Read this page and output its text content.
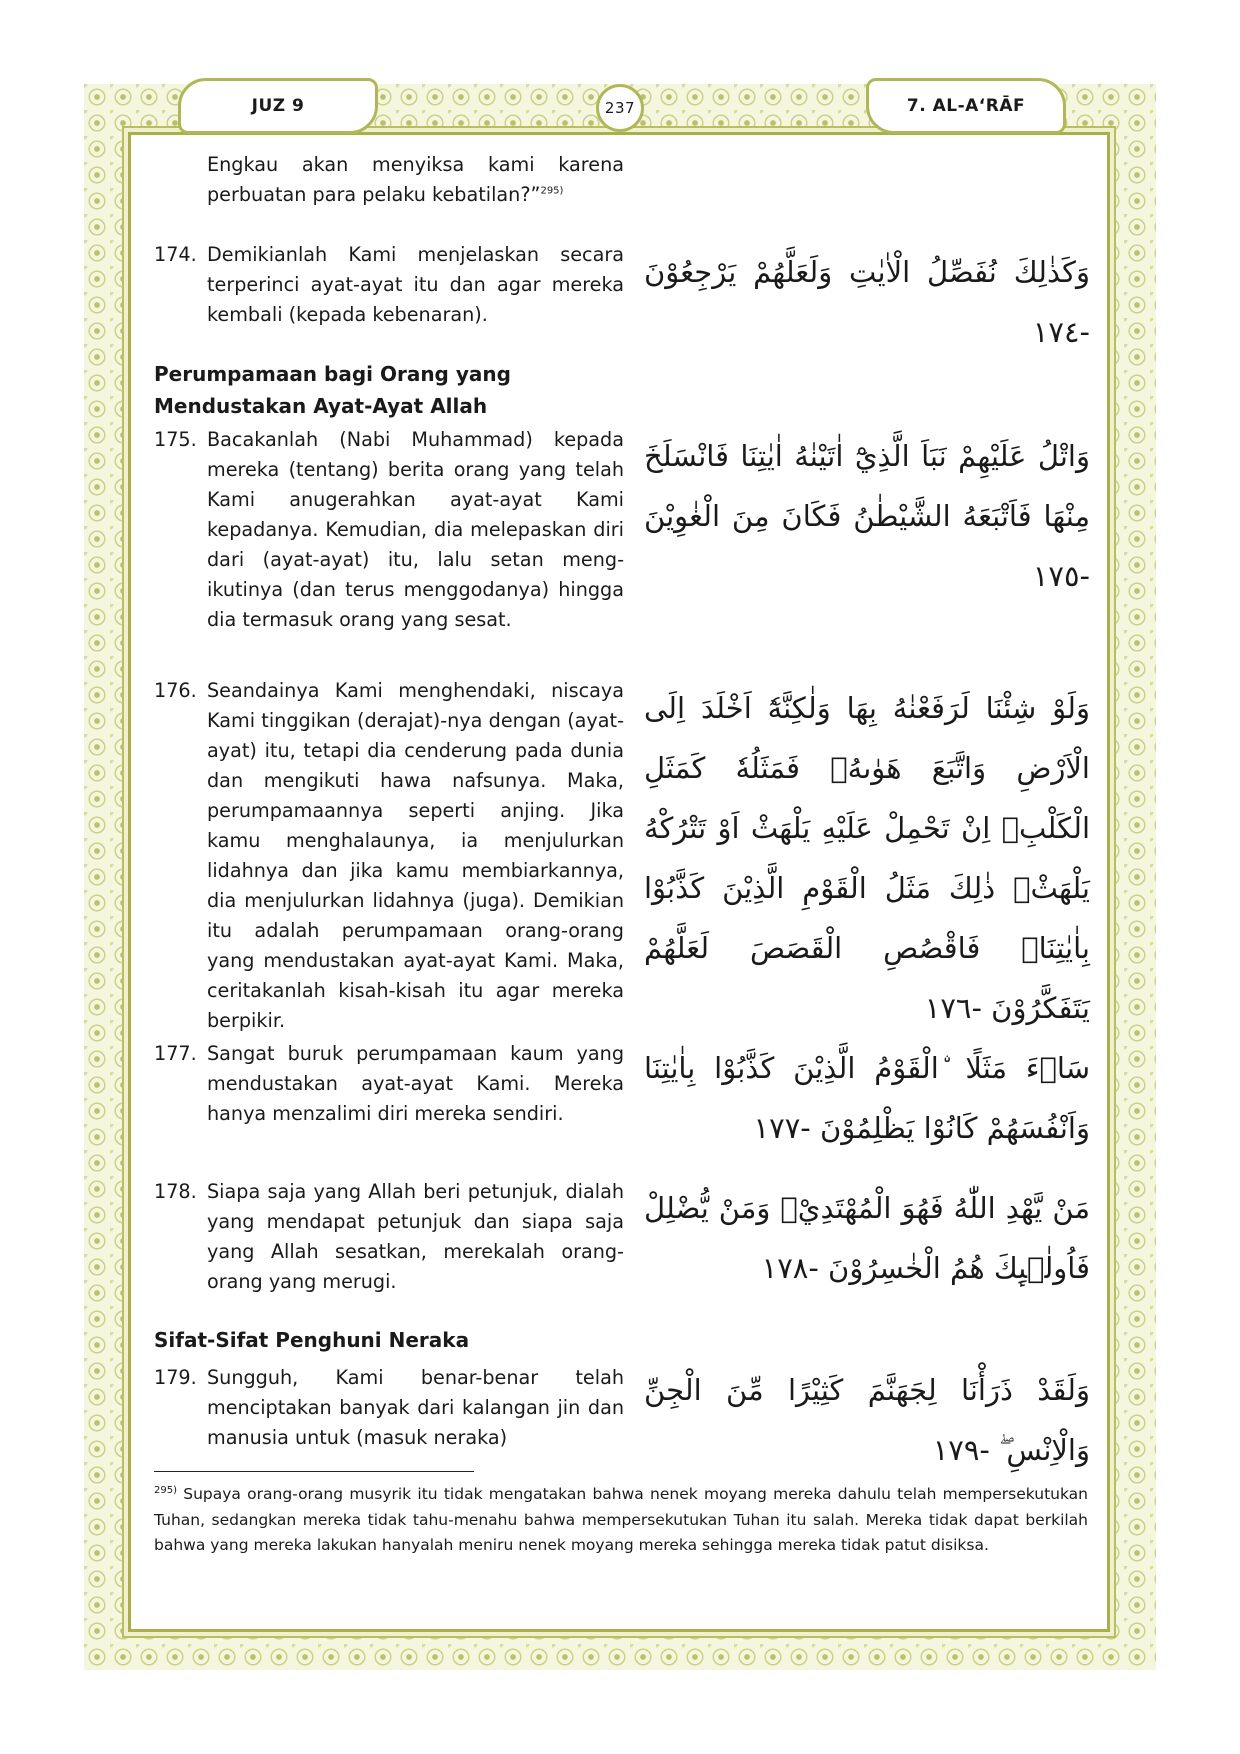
JUZ 9	237	7. AL-A‘RĀF
Engkau akan menyiksa kami karena perbuatan para pelaku kebatilan?”$^{295)}$
174. Demikianlah Kami menjelaskan secara terperinci ayat-ayat itu dan agar mereka kembali (kepada kebenaran).
وَكَذٰلِكَ نُفَصِّلُ الْاٰيٰتِ وَلَعَلَّهُمْ يَرْجِعُوْنَ -١٧٤
Perumpamaan bagi Orang yang Mendustakan Ayat-Ayat Allah
175. Bacakanlah (Nabi Muhammad) kepada mereka (tentang) berita orang yang telah Kami anugerahkan ayat-ayat Kami kepadanya. Kemudian, dia melepaskan diri dari (ayat-ayat) itu, lalu setan mengikutinya (dan terus menggodanya) hingga dia termasuk orang yang sesat.
وَاتْلُ عَلَيْهِمْ نَبَاَ الَّذِيْٓ اٰتَيْنٰهُ اٰيٰتِنَا فَانْسَلَخَ مِنْهَا فَاَتْبَعَهُ الشَّيْطٰنُ فَكَانَ مِنَ الْغٰوِيْنَ -١٧٥
176. Seandainya Kami menghendaki, niscaya Kami tinggikan (derajat)-nya dengan (ayat-ayat) itu, tetapi dia cenderung pada dunia dan mengikuti hawa nafsunya. Maka, perumpamaannya seperti anjing. Jika kamu menghalaunya, ia menjulurkan lidahnya dan jika kamu membiarkannya, dia menjulurkan lidahnya (juga). Demikian itu adalah perumpamaan orang-orang yang mendustakan ayat-ayat Kami. Maka, ceritakanlah kisah-kisah itu agar mereka berpikir.
وَلَوْ شِئْنَا لَرَفَعْنٰهُ بِهَا وَلٰكِنَّهٗٓ اَخْلَدَ اِلَى الْاَرْضِ وَاتَّبَعَ هَوٰىهُۚ فَمَثَلُهٗ كَمَثَلِ الْكَلْبِۚ اِنْ تَحْمِلْ عَلَيْهِ يَلْهَثْ اَوْ تَتْرُكْهُ يَلْهَثْۗ ذٰلِكَ مَثَلُ الْقَوْمِ الَّذِيْنَ كَذَّبُوْا بِاٰيٰتِنَاۚ فَاقْصُصِ الْقَصَصَ لَعَلَّهُمْ يَتَفَكَّرُوْنَ -١٧٦
177. Sangat buruk perumpamaan kaum yang mendustakan ayat-ayat Kami. Mereka hanya menzalimi diri mereka sendiri.
سَاۤءَ مَثَلًا ۨالْقَوْمُ الَّذِيْنَ كَذَّبُوْا بِاٰيٰتِنَا وَاَنْفُسَهُمْ كَانُوْا يَظْلِمُوْنَ -١٧٧
178. Siapa saja yang Allah beri petunjuk, dialah yang mendapat petunjuk dan siapa saja yang Allah sesatkan, merekalah orang-orang yang merugi.
مَنْ يَّهْدِ اللّٰهُ فَهُوَ الْمُهْتَدِيْۚ وَمَنْ يُّضْلِلْ فَاُولٰۤىِٕكَ هُمُ الْخٰسِرُوْنَ -١٧٨
Sifat-Sifat Penghuni Neraka
179. Sungguh, Kami benar-benar telah menciptakan banyak dari kalangan jin dan manusia untuk (masuk neraka)
وَلَقَدْ ذَرَأْنَا لِجَهَنَّمَ كَثِيْرًا مِّنَ الْجِنِّ وَالْاِنْسِ ۖ -١٧٩
$^{295)}$ Supaya orang-orang musyrik itu tidak mengatakan bahwa nenek moyang mereka dahulu telah mempersekutukan Tuhan, sedangkan mereka tidak tahu-menahu bahwa mempersekutukan Tuhan itu salah. Mereka tidak dapat berkilah bahwa yang mereka lakukan hanyalah meniru nenek moyang mereka sehingga mereka tidak patut disiksa.
